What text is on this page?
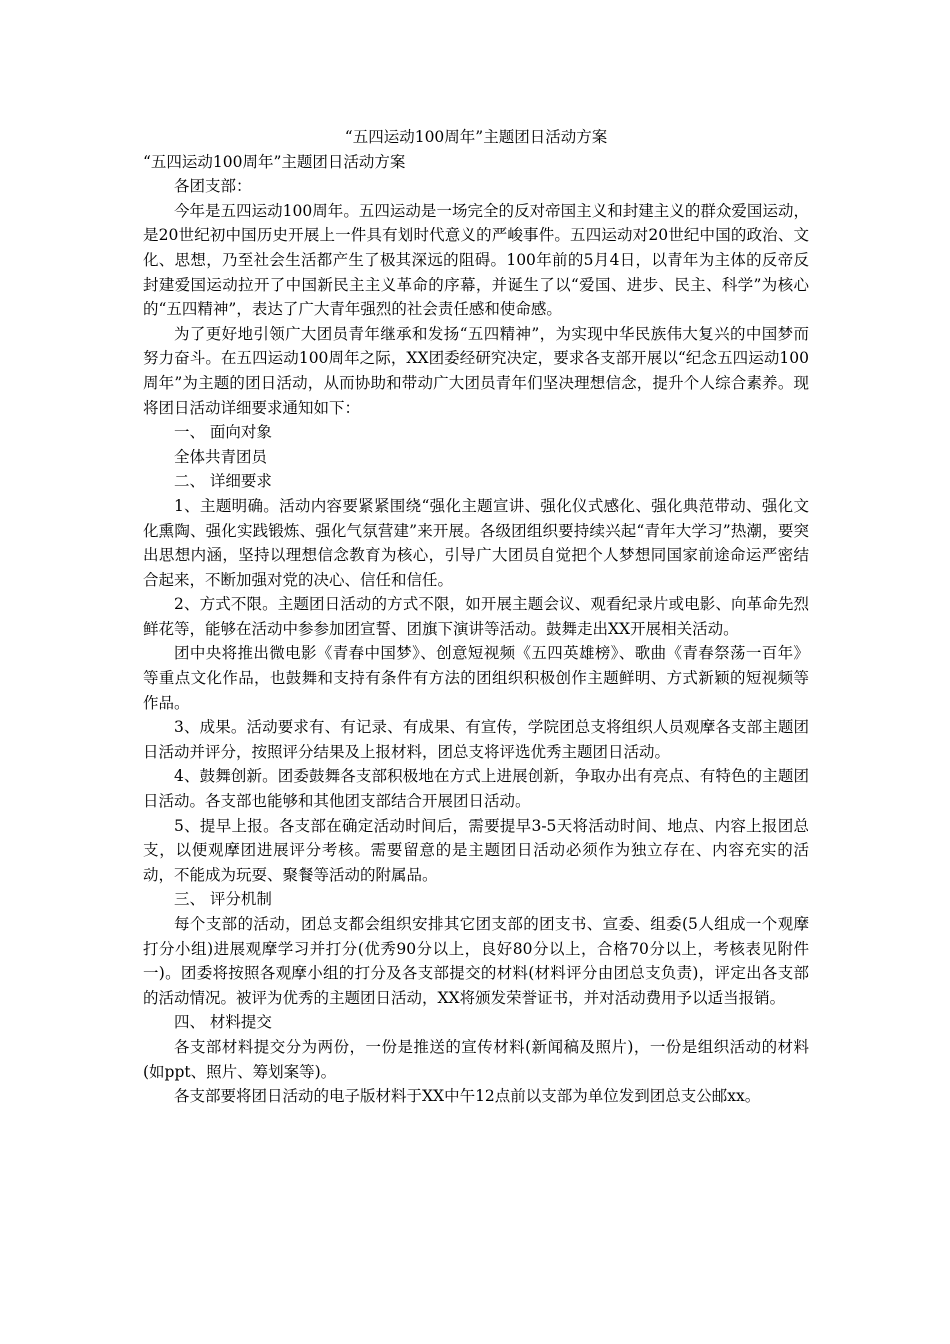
“五四运动100周年”主题团日活动方案

“五四运动100周年”主题团日活动方案

各团支部：

今年是五四运动100周年。五四运动是一场完全的反对帝国主义和封建主义的群众爱国运动，是20世纪初中国历史开展上一件具有划时代意义的严峻事件。五四运动对20世纪中国的政治、文化、思想，乃至社会生活都产生了极其深远的阻碍。100年前的5月4日，以青年为主体的反帝反封建爱国运动拉开了中国新民主主义革命的序幕，并诞生了以“爱国、进步、民主、科学”为核心的“五四精神”，表达了广大青年强烈的社会责任感和使命感。

为了更好地引领广大团员青年继承和发扬“五四精神”，为实现中华民族伟大复兴的中国梦而努力奋斗。在五四运动100周年之际，XX团委经研究决定，要求各支部开展以“纪念五四运动100周年”为主题的团日活动，从而协助和带动广大团员青年们坚决理想信念，提升个人综合素养。现将团日活动详细要求通知如下：

一、 面向对象

全体共青团员

二、 详细要求

1、主题明确。活动内容要紧紧围绕“强化主题宣讲、强化仪式感化、强化典范带动、强化文化熏陶、强化实践锻炼、强化气氛营建”来开展。各级团组织要持续兴起“青年大学习”热潮，要突出思想内涵，坚持以理想信念教育为核心，引导广大团员自觉把个人梦想同国家前途命运严密结合起来，不断加强对党的决心、信任和信任。

2、方式不限。主题团日活动的方式不限，如开展主题会议、观看纪录片或电影、向革命先烈鲜花等，能够在活动中参参加团宣誓、团旗下演讲等活动。鼓舞走出XX开展相关活动。

团中央将推出微电影《青春中国梦》、创意短视频《五四英雄榜》、歌曲《青春祭荡一百年》等重点文化作品，也鼓舞和支持有条件有方法的团组织积极创作主题鲜明、方式新颖的短视频等作品。

3、成果。活动要求有、有记录、有成果、有宣传，学院团总支将组织人员观摩各支部主题团日活动并评分，按照评分结果及上报材料，团总支将评选优秀主题团日活动。

4、鼓舞创新。团委鼓舞各支部积极地在方式上进展创新，争取办出有亮点、有特色的主题团日活动。各支部也能够和其他团支部结合开展团日活动。

5、提早上报。各支部在确定活动时间后，需要提早3-5天将活动时间、地点、内容上报团总支，以便观摩团进展评分考核。需要留意的是主题团日活动必须作为独立存在、内容充实的活动，不能成为玩耍、聚餐等活动的附属品。

三、 评分机制

每个支部的活动，团总支都会组织安排其它团支部的团支书、宣委、组委(5人组成一个观摩打分小组)进展观摩学习并打分(优秀90分以上，良好80分以上，合格70分以上，考核表见附件一)。团委将按照各观摩小组的打分及各支部提交的材料(材料评分由团总支负责)，评定出各支部的活动情况。被评为优秀的主题团日活动，XX将颁发荣誉证书，并对活动费用予以适当报销。

四、 材料提交

各支部材料提交分为两份，一份是推送的宣传材料(新闻稿及照片)，一份是组织活动的材料(如ppt、照片、筹划案等)。

各支部要将团日活动的电子版材料于XX中午12点前以支部为单位发到团总支公邮xx。
